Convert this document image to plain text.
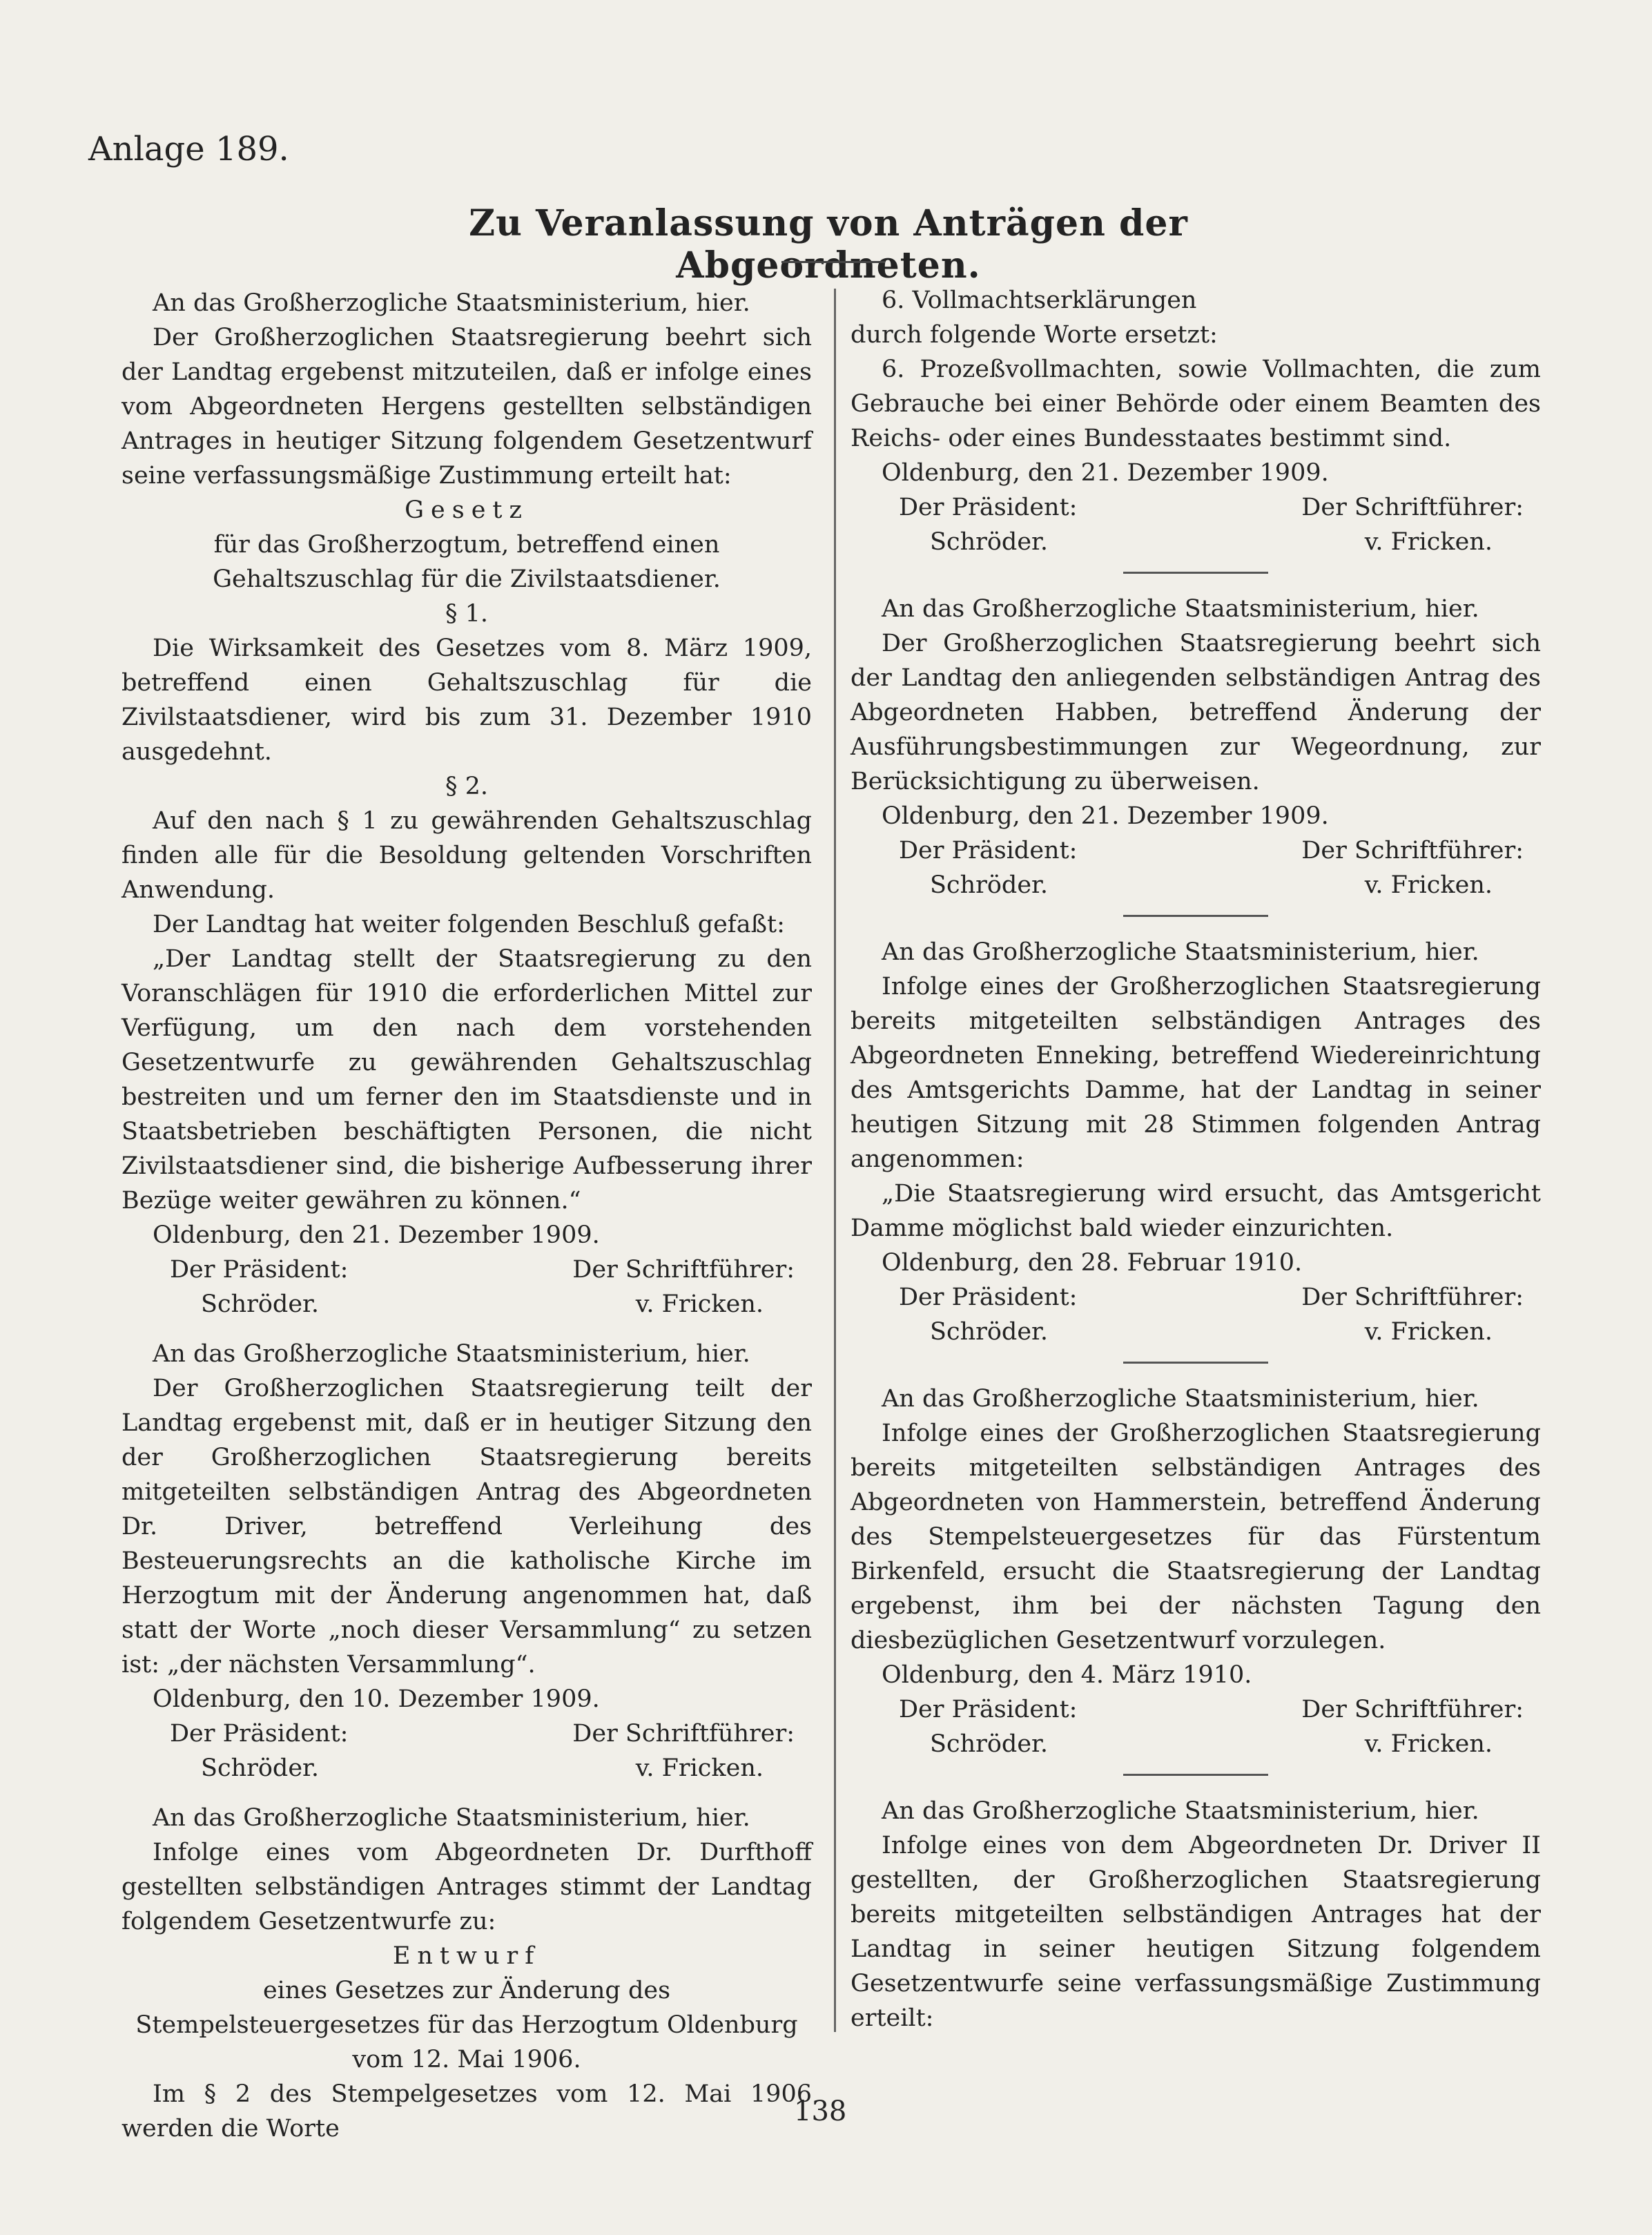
Anlage 189.
Zu Veranlassung von Anträgen der Abgeordneten.

An das Großherzogliche Staatsministerium, hier.

Der Großherzoglichen Staatsregierung beehrt sich der Landtag ergebenst mitzuteilen, daß er infolge eines vom Abgeordneten Hergens gestellten selbständigen Antrages in heutiger Sitzung folgendem Gesetzentwurf seine verfassungsmäßige Zustimmung erteilt hat:

Gesetz

für das Großherzogtum, betreffend einen Gehaltszuschlag für die Zivilstaatsdiener.

§ 1.

Die Wirksamkeit des Gesetzes vom 8. März 1909, betreffend einen Gehaltszuschlag für die Zivilstaatsdiener, wird bis zum 31. Dezember 1910 ausgedehnt.

§ 2.

Auf den nach § 1 zu gewährenden Gehaltszuschlag finden alle für die Besoldung geltenden Vorschriften Anwendung.

Der Landtag hat weiter folgenden Beschluß gefaßt:

„Der Landtag stellt der Staatsregierung zu den Voranschlägen für 1910 die erforderlichen Mittel zur Verfügung, um den nach dem vorstehenden Gesetzentwurfe zu gewährenden Gehaltszuschlag bestreiten und um ferner den im Staatsdienste und in Staatsbetrieben beschäftigten Personen, die nicht Zivilstaatsdiener sind, die bisherige Aufbesserung ihrer Bezüge weiter gewähren zu können.“

Oldenburg, den 21. Dezember 1909.

Der Präsident:	Der Schriftführer:
Schröder.	v. Fricken.

An das Großherzogliche Staatsministerium, hier.

Der Großherzoglichen Staatsregierung teilt der Landtag ergebenst mit, daß er in heutiger Sitzung den der Großherzoglichen Staatsregierung bereits mitgeteilten selbständigen Antrag des Abgeordneten Dr. Driver, betreffend Verleihung des Besteuerungsrechts an die katholische Kirche im Herzogtum mit der Änderung angenommen hat, daß statt der Worte „noch dieser Versammlung“ zu setzen ist: „der nächsten Versammlung“.

Oldenburg, den 10. Dezember 1909.

Der Präsident:	Der Schriftführer:
Schröder.	v. Fricken.

An das Großherzogliche Staatsministerium, hier.

Infolge eines vom Abgeordneten Dr. Durfthoff gestellten selbständigen Antrages stimmt der Landtag folgendem Gesetzentwurfe zu:

Entwurf

eines Gesetzes zur Änderung des Stempelsteuergesetzes für das Herzogtum Oldenburg vom 12. Mai 1906.

Im § 2 des Stempelgesetzes vom 12. Mai 1906 werden die Worte

6. Vollmachtserklärungen

durch folgende Worte ersetzt:

6. Prozeßvollmachten, sowie Vollmachten, die zum Gebrauche bei einer Behörde oder einem Beamten des Reichs- oder eines Bundesstaates bestimmt sind.

Oldenburg, den 21. Dezember 1909.

Der Präsident:	Der Schriftführer:
Schröder.	v. Fricken.

An das Großherzogliche Staatsministerium, hier.

Der Großherzoglichen Staatsregierung beehrt sich der Landtag den anliegenden selbständigen Antrag des Abgeordneten Habben, betreffend Änderung der Ausführungsbestimmungen zur Wegeordnung, zur Berücksichtigung zu überweisen.

Oldenburg, den 21. Dezember 1909.

Der Präsident:	Der Schriftführer:
Schröder.	v. Fricken.

An das Großherzogliche Staatsministerium, hier.

Infolge eines der Großherzoglichen Staatsregierung bereits mitgeteilten selbständigen Antrages des Abgeordneten Enneking, betreffend Wiedereinrichtung des Amtsgerichts Damme, hat der Landtag in seiner heutigen Sitzung mit 28 Stimmen folgenden Antrag angenommen:

„Die Staatsregierung wird ersucht, das Amtsgericht Damme möglichst bald wieder einzurichten.

Oldenburg, den 28. Februar 1910.

Der Präsident:	Der Schriftführer:
Schröder.	v. Fricken.

An das Großherzogliche Staatsministerium, hier.

Infolge eines der Großherzoglichen Staatsregierung bereits mitgeteilten selbständigen Antrages des Abgeordneten von Hammerstein, betreffend Änderung des Stempelsteuergesetzes für das Fürstentum Birkenfeld, ersucht die Staatsregierung der Landtag ergebenst, ihm bei der nächsten Tagung den diesbezüglichen Gesetzentwurf vorzulegen.

Oldenburg, den 4. März 1910.

Der Präsident:	Der Schriftführer:
Schröder.	v. Fricken.

An das Großherzogliche Staatsministerium, hier.

Infolge eines von dem Abgeordneten Dr. Driver II gestellten, der Großherzoglichen Staatsregierung bereits mitgeteilten selbständigen Antrages hat der Landtag in seiner heutigen Sitzung folgendem Gesetzentwurfe seine verfassungsmäßige Zustimmung erteilt:

138
